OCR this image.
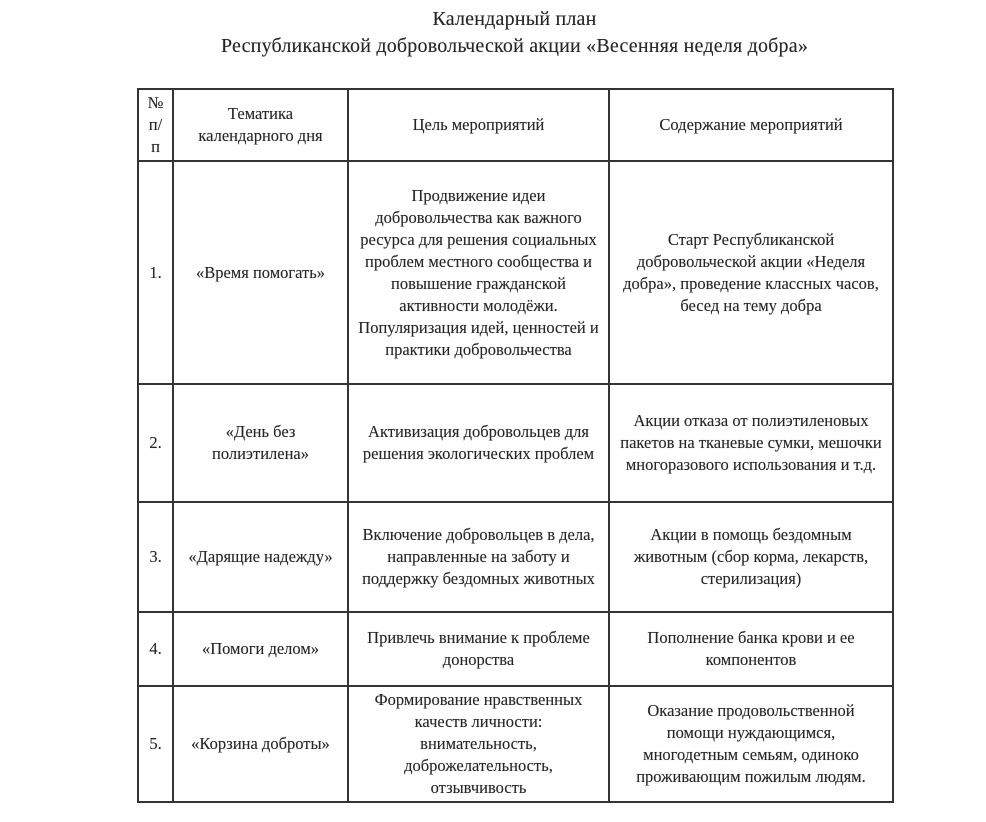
Календарный план
Республиканской добровольческой акции «Весенняя неделя добра»
№ п/п	Тематика календарного дня	Цель мероприятий	Содержание мероприятий
1.	«Время помогать»	Продвижение идеи добровольчества как важного ресурса для решения социальных проблем местного сообщества и повышение гражданской активности молодёжи. Популяризация идей, ценностей и практики добровольчества	Старт Республиканской добровольческой акции «Неделя добра», проведение классных часов, бесед на тему добра
2.	«День без полиэтилена»	Активизация добровольцев для решения экологических проблем	Акции отказа от полиэтиленовых пакетов на тканевые сумки, мешочки многоразового использования и т.д.
3.	«Дарящие надежду»	Включение добровольцев в дела, направленные на заботу и поддержку бездомных животных	Акции в помощь бездомным животным (сбор корма, лекарств, стерилизация)
4.	«Помоги делом»	Привлечь внимание к проблеме донорства	Пополнение банка крови и ее компонентов
5.	«Корзина доброты»	Формирование нравственных качеств личности: внимательность, доброжелательность, отзывчивость	Оказание продовольственной помощи нуждающимся, многодетным семьям, одиноко проживающим пожилым людям.
